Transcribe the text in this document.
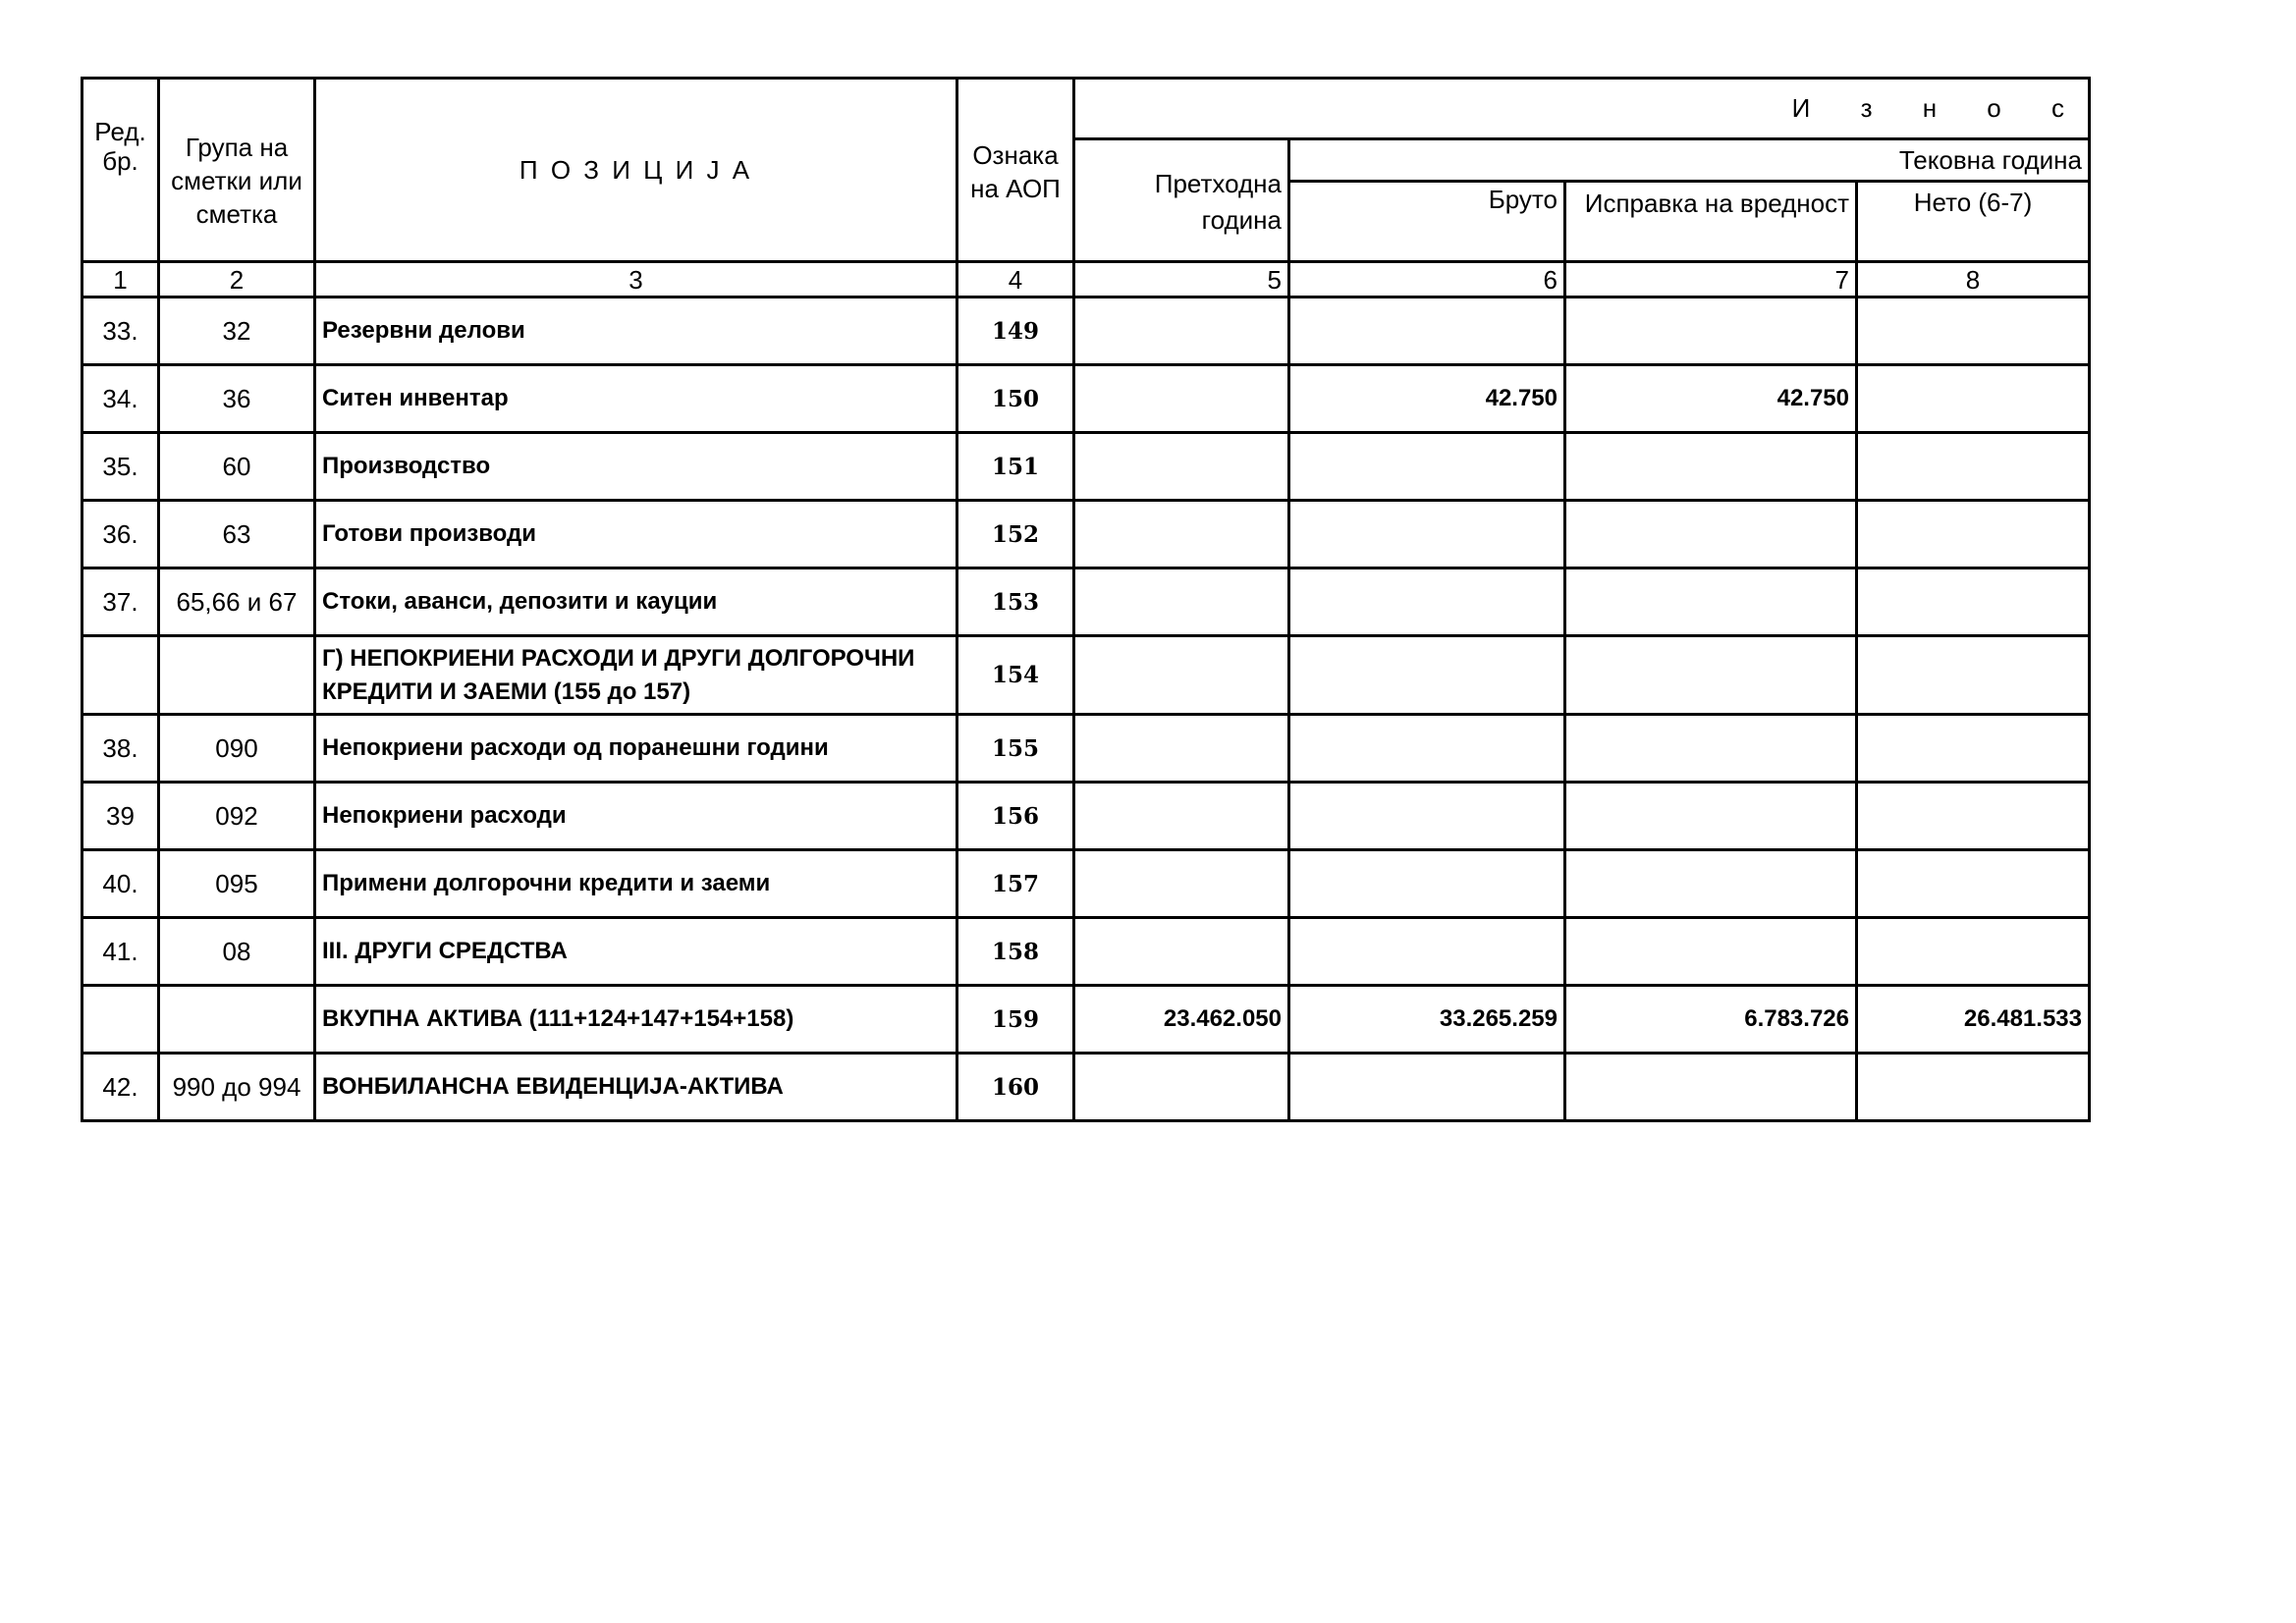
Ред. бр.	Група на сметки или сметка	П О З И Ц И Ј А	Ознака на АОП	И з н о с			
				Претходна година	Тековна година		
					Бруто	Исправка на вредност	Нето (6-7)
1	2	3	4	5	6	7	8
33.	32	Резервни делови	149				
34.	36	Ситен инвентар	150		42.750	42.750	
35.	60	Производство	151				
36.	63	Готови производи	152				
37.	65,66 и 67	Стоки, аванси, депозити и кауции	153				
		Г) НЕПОКРИЕНИ РАСХОДИ И ДРУГИ ДОЛГОРОЧНИ КРЕДИТИ И ЗАЕМИ (155 до 157)	154				
38.	090	Непокриени расходи од поранешни години	155				
39	092	Непокриени расходи	156				
40.	095	Примени долгорочни кредити и заеми	157				
41.	08	III. ДРУГИ СРЕДСТВА	158				
		ВКУПНА АКТИВА (111+124+147+154+158)	159	23.462.050	33.265.259	6.783.726	26.481.533
42.	990 до 994	ВОНБИЛАНСНА ЕВИДЕНЦИЈА-АКТИВА	160				
